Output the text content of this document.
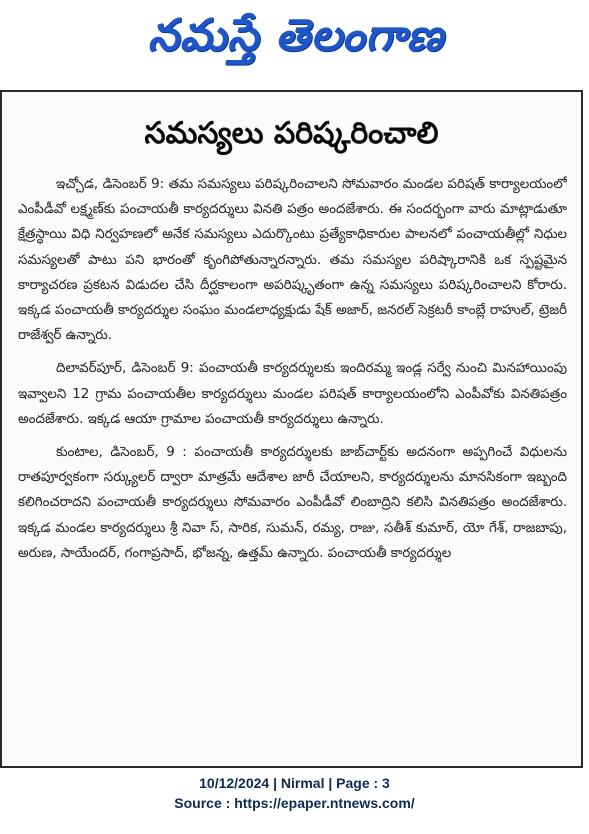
నమస్తే తెలంగాణ
సమస్యలు పరిష్కరించాలి

ఇచ్చోడ, డిసెంబర్ 9: తమ సమస్యలు పరిష్కరించాలని సోమవారం మండల పరిషత్ కార్యాలయంలో ఎంపీడీవో లక్ష్మణ్‌కు పంచాయతీ కార్యదర్శులు వినతి పత్రం అందజేశారు. ఈ సందర్భంగా వారు మాట్లాడుతూ క్షేత్రస్థాయి విధి నిర్వహణలో అనేక సమస్యలు ఎదుర్కొంటు ప్రత్యేకాధికారుల పాలనలో పంచాయతీల్లో నిధుల సమస్యలతో పాటు పని భారంతో కృంగిపోతున్నారన్నారు. తమ సమస్యల పరిష్కారానికి ఒక స్పష్టమైన కార్యాచరణ ప్రకటన విడుదల చేసి దీర్ఘకాలంగా అపరిష్కృతంగా ఉన్న సమస్యలు పరిష్కరించాలని కోరారు. ఇక్కడ పంచాయతీ కార్యదర్శుల సంఘం మండలాధ్యక్షుడు షేక్ అజార్, జనరల్ సెక్రటరీ కాంబ్లే రాహుల్, ట్రెజరీ రాజేశ్వర్ ఉన్నారు.

దిలావర్‌పూర్, డిసెంబర్ 9: పంచాయతీ కార్యదర్శులకు ఇందిరమ్మ ఇండ్ల సర్వే నుంచి మినహాయింపు ఇవ్వాలని 12 గ్రామ పంచాయతీల కార్యదర్శులు మండల పరిషత్ కార్యాలయంలోని ఎంపీవోకు వినతిపత్రం అందజేశారు. ఇక్కడ ఆయా గ్రామాల పంచాయతీ కార్యదర్శులు ఉన్నారు.

కుంటాల, డిసెంబర్, 9 : పంచాయతీ కార్యదర్శులకు జాబ్‌చార్ట్‌కు అదనంగా అప్పగించే విధులను రాతపూర్వకంగా సర్క్యులర్ ద్వారా మాత్రమే ఆదేశాల జారీ చేయాలని, కార్యదర్శులను మానసికంగా ఇబ్బంది కలిగించరాదని పంచాయతీ కార్యదర్శులు సోమవారం ఎంపీడీవో లింబాద్రిని కలిసి వినతిపత్రం అందజేశారు. ఇక్కడ మండల కార్యదర్శులు శ్రీ నివా స్, సారిక, సుమన్, రమ్య, రాజు, సతీశ్ కుమార్, యో గేశ్, రాజబాపు, అరుణ, సాయేందర్, గంగాప్రసాద్, భోజన్న, ఉత్తమ్ ఉన్నారు. పంచాయతీ కార్యదర్శుల

10/12/2024 | Nirmal | Page : 3
Source : https://epaper.ntnews.com/
